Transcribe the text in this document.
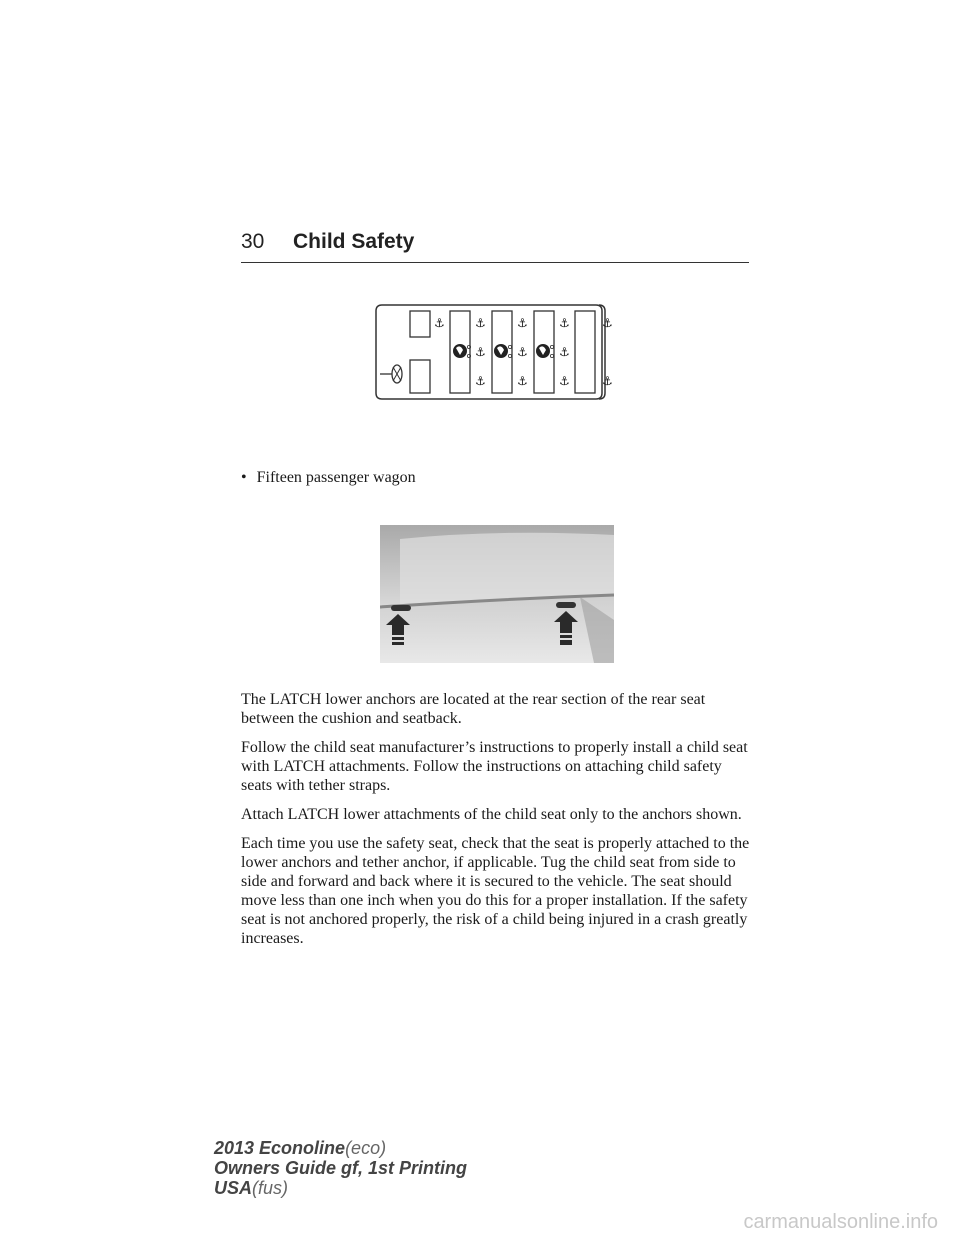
30 Child Safety
⚓	⚓
⚓
⚓
⚓
⚓
⚓
⚓
⚓
⚓
⚓
⚓
• Fifteen passenger wagon

The LATCH lower anchors are located at the rear section of the rear seat between the cushion and seatback.

Follow the child seat manufacturer’s instructions to properly install a child seat with LATCH attachments. Follow the instructions on attaching child safety seats with tether straps.

Attach LATCH lower attachments of the child seat only to the anchors shown.

Each time you use the safety seat, check that the seat is properly attached to the lower anchors and tether anchor, if applicable. Tug the child seat from side to side and forward and back where it is secured to the vehicle. The seat should move less than one inch when you do this for a proper installation. If the safety seat is not anchored properly, the risk of a child being injured in a crash greatly increases.

2013 Econoline(eco)
Owners Guide gf, 1st Printing
USA(fus)
carmanualsonline.info
